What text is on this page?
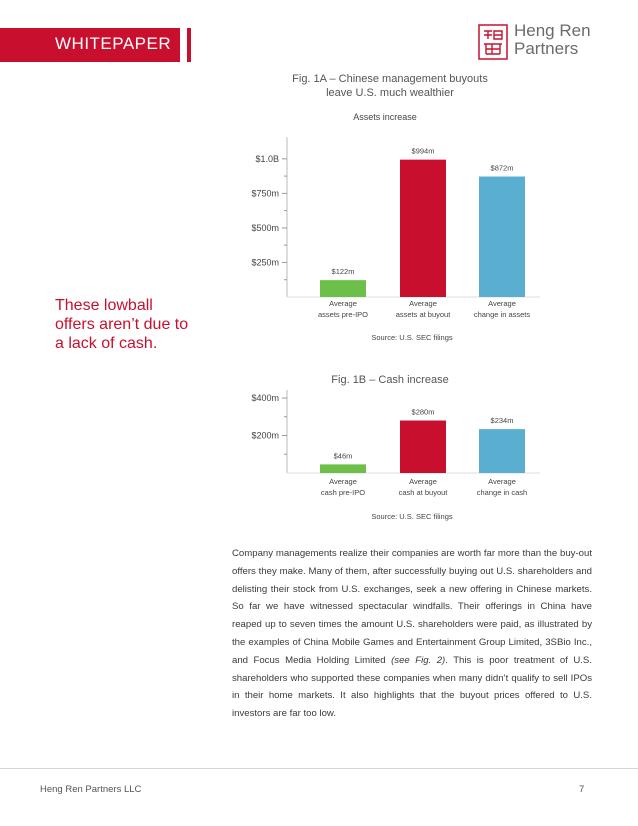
WHITEPAPER
Heng Ren
Partners
These lowball offers aren’t due to a lack of cash.
Fig. 1A – Chinese management buyouts
leave U.S. much wealthier
Assets increase
$250m
$500m
$750m
$1.0B
$122m
Average
assets pre-IPO
$994m
Average
assets at buyout
$872m
Average
change in assets
Source: U.S. SEC filings
Fig. 1B – Cash increase
$200m
$400m
$46m
Average
cash pre-IPO
$280m
Average
cash at buyout
$234m
Average
change in cash
Source: U.S. SEC filings
Company managements realize their companies are worth far more than the buy-out offers they make. Many of them, after successfully buying out U.S. shareholders and delisting their stock from U.S. exchanges, seek a new offering in Chinese markets. So far we have witnessed spectacular windfalls. Their offerings in China have reaped up to seven times the amount U.S. shareholders were paid, as illustrated by the examples of China Mobile Games and Entertainment Group Limited, 3SBio Inc., and Focus Media Holding Limited (see Fig. 2). This is poor treatment of U.S. shareholders who supported these companies when many didn’t qualify to sell IPOs in their home markets. It also highlights that the buyout prices offered to U.S. investors are far too low.
Heng Ren Partners LLC	7
